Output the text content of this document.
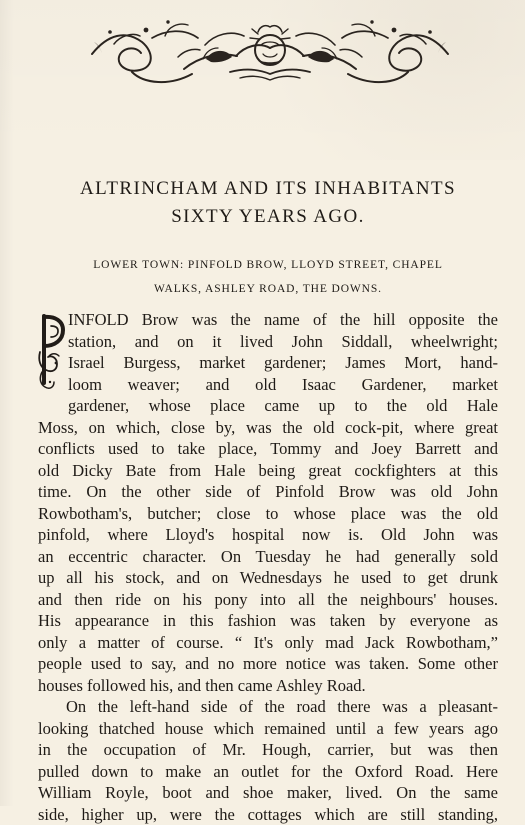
ALTRINCHAM AND ITS INHABITANTS
SIXTY YEARS AGO.
LOWER TOWN: PINFOLD BROW, LLOYD STREET, CHAPEL
WALKS, ASHLEY ROAD, THE DOWNS.
INFOLD Brow was the name of the hill opposite the
station, and on it lived John Siddall, wheelwright;
Israel Burgess, market gardener; James Mort, hand-
loom weaver; and old Isaac Gardener, market
gardener, whose place came up to the old Hale
Moss, on which, close by, was the old cock-pit, where great
conflicts used to take place, Tommy and Joey Barrett and
old Dicky Bate from Hale being great cockfighters at this
time. On the other side of Pinfold Brow was old John
Rowbotham's, butcher; close to whose place was the old
pinfold, where Lloyd's hospital now is. Old John was
an eccentric character. On Tuesday he had generally sold
up all his stock, and on Wednesdays he used to get drunk
and then ride on his pony into all the neighbours' houses.
His appearance in this fashion was taken by everyone as
only a matter of course. “ It's only mad Jack Rowbotham,”
people used to say, and no more notice was taken. Some other
houses followed his, and then came Ashley Road.
On the left-hand side of the road there was a pleasant-
looking thatched house which remained until a few years ago
in the occupation of Mr. Hough, carrier, but was then
pulled down to make an outlet for the Oxford Road. Here
William Royle, boot and shoe maker, lived. On the same
side, higher up, were the cottages which are still standing,
